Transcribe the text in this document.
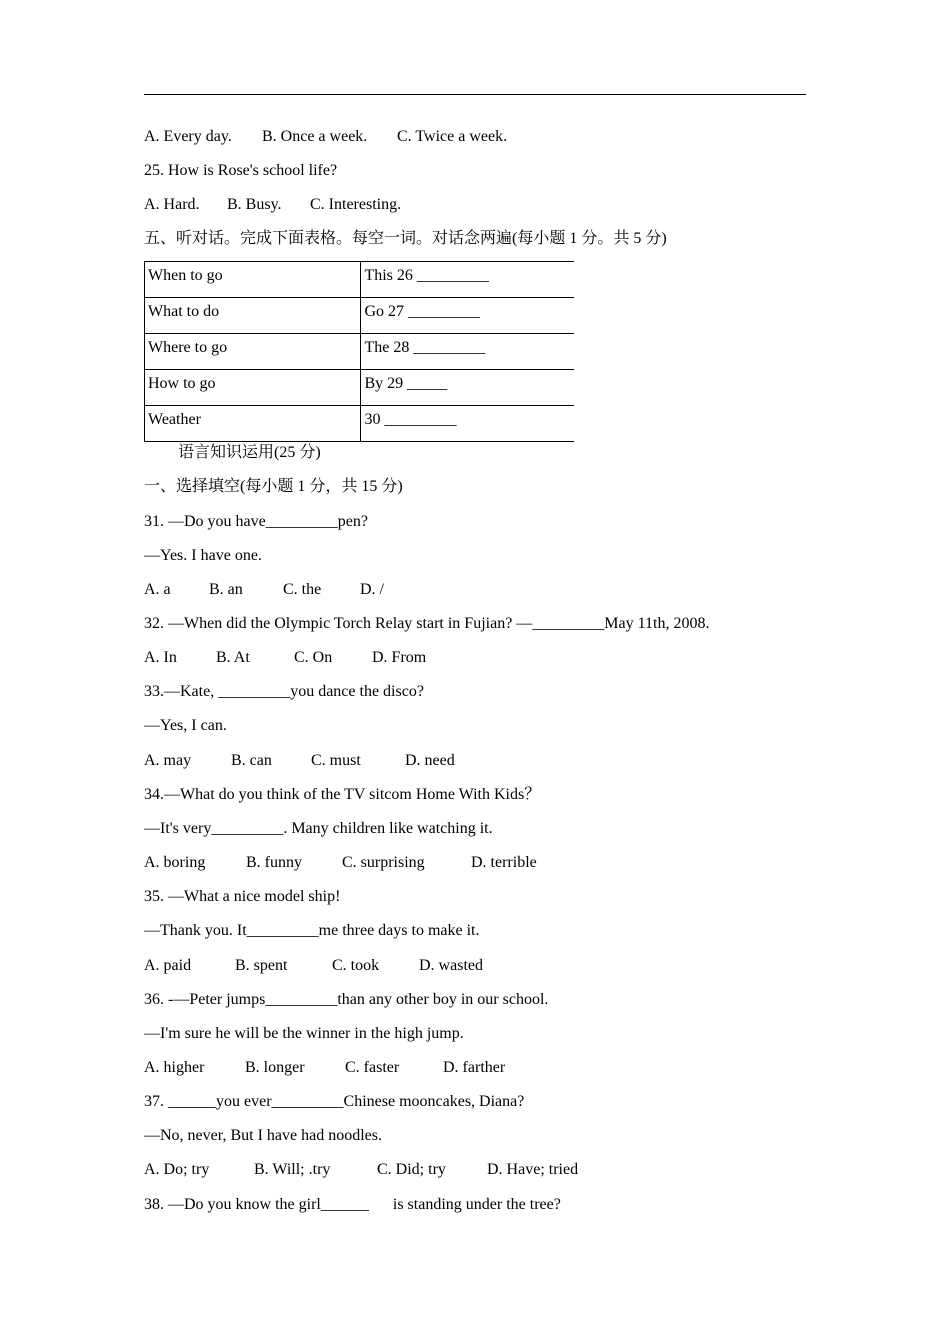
A. Every day. B. Once a week. C. Twice a week.
25. How is Rose's school life?
A. Hard. B. Busy. C. Interesting.
五、听对话。完成下面表格。每空一词。对话念两遍(每小题 1 分。共 5 分)
When to go	This 26 _________
What to do	Go 27 _________
Where to go	The 28 _________
How to go	By 29 _____
Weather	30 _________
语言知识运用(25 分)
一、选择填空(每小题 1 分，共 15 分)
31. —Do you have_________pen?
—Yes. I have one.
A. a B. an	C. the D. /
32. —When did the Olympic Torch Relay start in Fujian? —_________May 11th, 2008.
A. In B. At	C. On D. From
33.—Kate, _________you dance the disco?
—Yes, I can.
A. may B. can C. must	D. need
34.—What do you think of the TV sitcom Home With Kids？
—It's very_________. Many children like watching it.
A. boring	B. funny	C. surprising	D. terrible
35. —What a nice model ship!
—Thank you. It_________me three days to make it.
A. paid	B. spent	C. took D. wasted
36. -—Peter jumps_________than any other boy in our school.
—I'm sure he will be the winner in the high jump.
A. higher	B. longer	C. faster	D. farther
37. ______you ever_________Chinese mooncakes, Diana?
—No, never, But I have had noodles.
A. Do; try	B. Will; .try	C. Did; try	D. Have; tried
38. —Do you know the girl______      is standing under the tree?
